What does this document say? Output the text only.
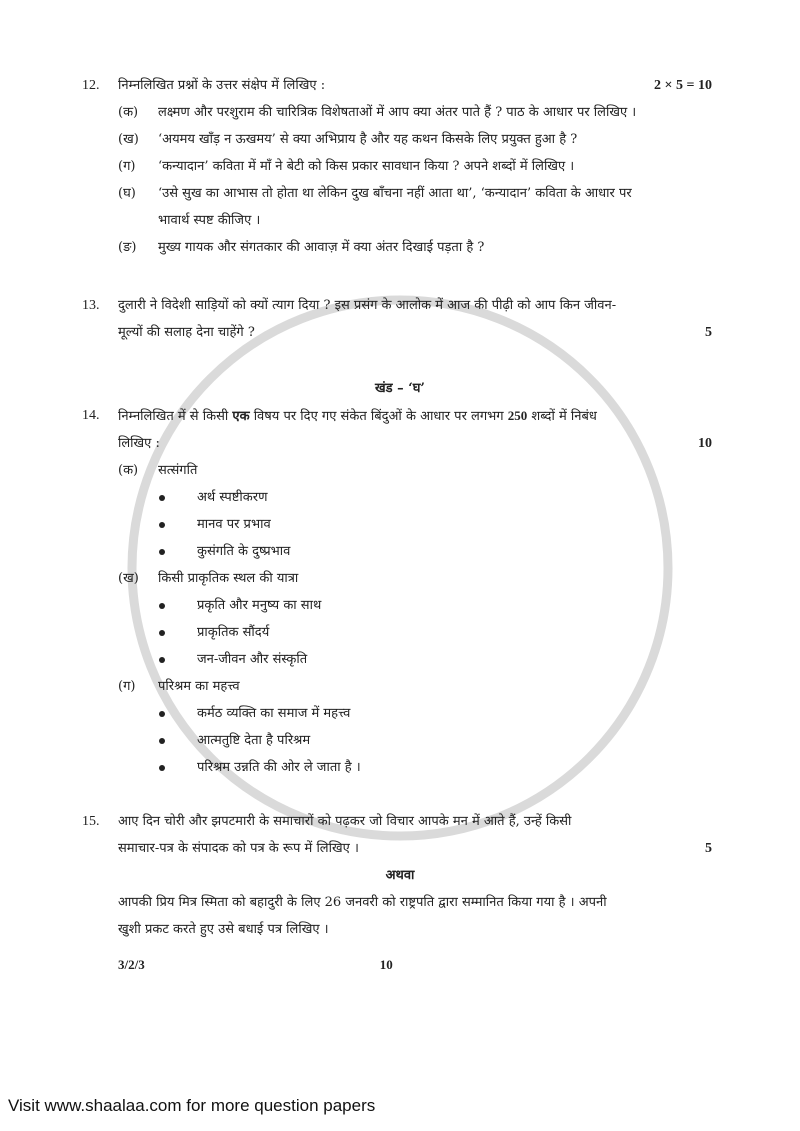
12.	निम्नलिखित प्रश्नों के उत्तर संक्षेप में लिखिए :	2 × 5 = 10
(क)	लक्ष्मण और परशुराम की चारित्रिक विशेषताओं में आप क्या अंतर पाते हैं ? पाठ के आधार पर लिखिए ।
(ख)	‘अयमय खाँड़ न ऊखमय’ से क्या अभिप्राय है और यह कथन किसके लिए प्रयुक्त हुआ है ?
(ग)	‘कन्यादान’ कविता में माँ ने बेटी को किस प्रकार सावधान किया ? अपने शब्दों में लिखिए ।
(घ)	‘उसे सुख का आभास तो होता था लेकिन दुख बाँचना नहीं आता था’, ‘कन्यादान’ कविता के आधार पर
भावार्थ स्पष्ट कीजिए ।
(ङ)	मुख्य गायक और संगतकार की आवाज़ में क्या अंतर दिखाई पड़ता है ?
13.	दुलारी ने विदेशी साड़ियों को क्यों त्याग दिया ? इस प्रसंग के आलोक में आज की पीढ़ी को आप किन जीवन-
मूल्यों की सलाह देना चाहेंगे ?	5
खंड – ‘घ’
14.	निम्नलिखित में से किसी एक विषय पर दिए गए संकेत बिंदुओं के आधार पर लगभग 250 शब्दों में निबंध
लिखिए :	10
(क)	सत्संगति
अर्थ स्पष्टीकरण
मानव पर प्रभाव
कुसंगति के दुष्प्रभाव
(ख)	किसी प्राकृतिक स्थल की यात्रा
प्रकृति और मनुष्य का साथ
प्राकृतिक सौंदर्य
जन-जीवन और संस्कृति
(ग)	परिश्रम का महत्त्व
कर्मठ व्यक्ति का समाज में महत्त्व
आत्मतुष्टि देता है परिश्रम
परिश्रम उन्नति की ओर ले जाता है ।
15.	आए दिन चोरी और झपटमारी के समाचारों को पढ़कर जो विचार आपके मन में आते हैं, उन्हें किसी
समाचार-पत्र के संपादक को पत्र के रूप में लिखिए ।	5
अथवा
आपकी प्रिय मित्र स्मिता को बहादुरी के लिए 26 जनवरी को राष्ट्रपति द्वारा सम्मानित किया गया है । अपनी
खुशी प्रकट करते हुए उसे बधाई पत्र लिखिए ।
3/2/3	10
Visit www.shaalaa.com for more question papers
